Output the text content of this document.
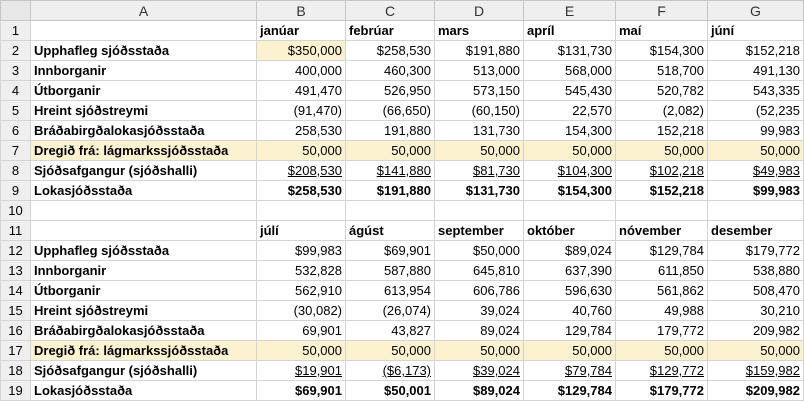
	A	B	C	D	E	F	G
1		janúar	febrúar	mars	apríl	maí	júní
2	Upphafleg sjóðsstaða	$350,000	$258,530	$191,880	$131,730	$154,300	$152,218
3	Innborganir	400,000	460,300	513,000	568,000	518,700	491,130
4	Útborganir	491,470	526,950	573,150	545,430	520,782	543,335
5	Hreint sjóðstreymi	(91,470)	(66,650)	(60,150)	22,570	(2,082)	(52,235
6	Bráðabirgðalokasjóðsstaða	258,530	191,880	131,730	154,300	152,218	99,983
7	Dregið frá: lágmarkssjóðsstaða	50,000	50,000	50,000	50,000	50,000	50,000
8	Sjóðsafgangur (sjóðshalli)	$208,530	$141,880	$81,730	$104,300	$102,218	$49,983
9	Lokasjóðsstaða	$258,530	$191,880	$131,730	$154,300	$152,218	$99,983
10							
11		júlí	ágúst	september	október	nóvember	desember
12	Upphafleg sjóðsstaða	$99,983	$69,901	$50,000	$89,024	$129,784	$179,772
13	Innborganir	532,828	587,880	645,810	637,390	611,850	538,880
14	Útborganir	562,910	613,954	606,786	596,630	561,862	508,470
15	Hreint sjóðstreymi	(30,082)	(26,074)	39,024	40,760	49,988	30,210
16	Bráðabirgðalokasjóðsstaða	69,901	43,827	89,024	129,784	179,772	209,982
17	Dregið frá: lágmarkssjóðsstaða	50,000	50,000	50,000	50,000	50,000	50,000
18	Sjóðsafgangur (sjóðshalli)	$19,901	($6,173)	$39,024	$79,784	$129,772	$159,982
19	Lokasjóðsstaða	$69,901	$50,001	$89,024	$129,784	$179,772	$209,982
